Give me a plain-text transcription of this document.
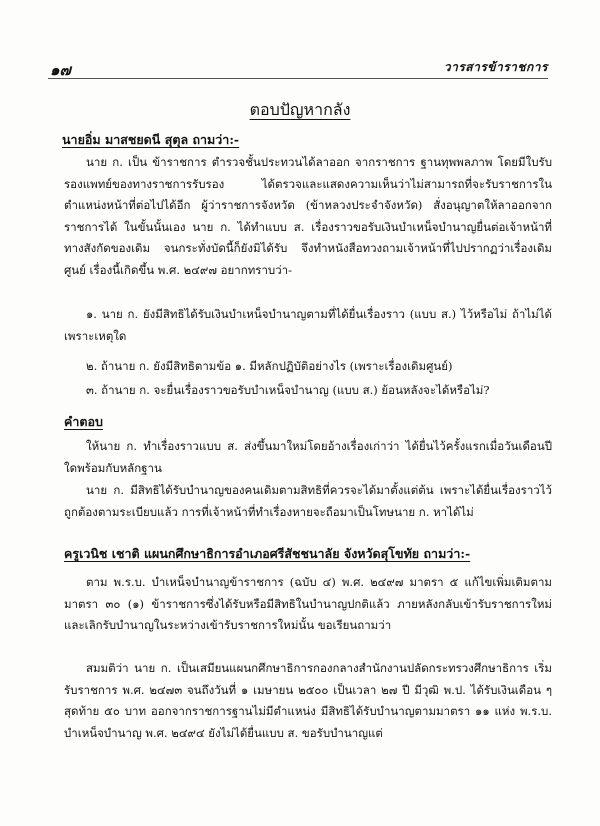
๑๗	วารสารข้าราชการ
ตอบปัญหากลัง
นายอิ่ม มาสชยดนี สุตุล ถามว่า:-

นาย ก. เป็น ข้าราชการ ตำรวจชั้นประทวนได้ลาออก จากราชการ ฐานทุพพลภาพ โดยมีใบรับรองแพทย์ของทางราชการรับรอง ได้ตรวจและแสดงความเห็นว่าไม่สามารถที่จะรับราชการในตำแหน่งหน้าที่ต่อไปได้อีก ผู้ว่าราชการจังหวัด (ข้าหลวงประจำจังหวัด) สั่งอนุญาตให้ลาออกจากราชการได้ ในขั้นนั้นเอง นาย ก. ได้ทำแบบ ส. เรื่องราวขอรับเงินบำเหน็จบำนาญยื่นต่อเจ้าหน้าที่ทางสังกัดของเดิม จนกระทั่งบัดนี้ก็ยังมิได้รับ จึงทำหนังสือทวงถามเจ้าหน้าที่ไปปรากฏว่าเรื่องเดิมศูนย์ เรื่องนี้เกิดขึ้น พ.ศ. ๒๔๙๗ อยากทราบว่า-

๑. นาย ก. ยังมีสิทธิได้รับเงินบำเหน็จบำนาญตามที่ได้ยื่นเรื่องราว (แบบ ส.) ไว้หรือไม่ ถ้าไม่ได้เพราะเหตุใด

๒. ถ้านาย ก. ยังมีสิทธิตามข้อ ๑. มีหลักปฏิบัติอย่างไร (เพราะเรื่องเดิมศูนย์)
๓. ถ้านาย ก. จะยื่นเรื่องราวขอรับบำเหน็จบำนาญ (แบบ ส.) ย้อนหลังจะได้หรือไม่?
คำตอบ

ให้นาย ก. ทำเรื่องราวแบบ ส. ส่งขึ้นมาใหม่โดยอ้างเรื่องเก่าว่า ได้ยื่นไว้ครั้งแรกเมื่อวันเดือนปีใดพร้อมกับหลักฐาน

นาย ก. มีสิทธิได้รับบำนาญของคนเดิมตามสิทธิที่ควรจะได้มาตั้งแต่ต้น เพราะได้ยื่นเรื่องราวไว้ถูกต้องตามระเบียบแล้ว การที่เจ้าหน้าที่ทำเรื่องหายจะถือมาเป็นโทษนาย ก. หาได้ไม่

ครูเวนิช เชาติ แผนกศึกษาธิการอำเภอศรีสัชชนาลัย จังหวัดสุโขทัย ถามว่า:-

ตาม พ.ร.บ. บำเหน็จบำนาญข้าราชการ (ฉบับ ๔) พ.ศ. ๒๔๙๗ มาตรา ๕ แก้ไขเพิ่มเติมตามมาตรา ๓๐ (๑) ข้าราชการซึ่งได้รับหรือมีสิทธิในบำนาญปกติแล้ว ภายหลังกลับเข้ารับราชการใหม่ และเลิกรับบำนาญในระหว่างเข้ารับราชการใหม่นั้น ขอเรียนถามว่า

สมมติว่า นาย ก. เป็นเสมียนแผนกศึกษาธิการกองกลางสำนักงานปลัดกระทรวงศึกษาธิการ เริ่มรับราชการ พ.ศ. ๒๔๗๓ จนถึงวันที่ ๑ เมษายน ๒๕๐๐ เป็นเวลา ๒๗ ปี มีวุฒิ พ.ป. ได้รับเงินเดือน ๆ สุดท้าย ๕๐ บาท ออกจากราชการฐานไม่มีตำแหน่ง มีสิทธิได้รับบำนาญตามมาตรา ๑๑ แห่ง พ.ร.บ. บำเหน็จบำนาญ พ.ศ. ๒๔๙๔ ยังไม่ได้ยื่นแบบ ส. ขอรับบำนาญแต่
